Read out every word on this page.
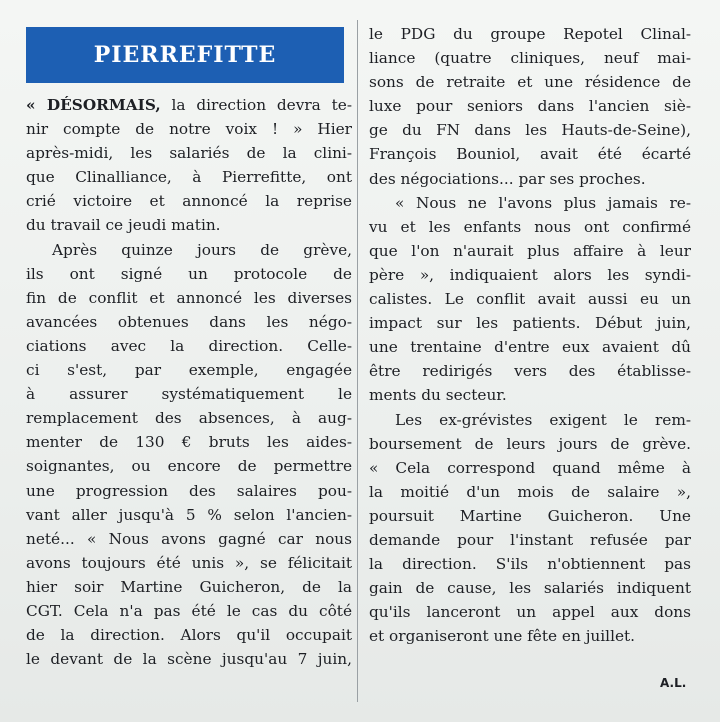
PIERREFITTE
« DÉSORMAIS, la direction devra te-
nir compte de notre voix ! » Hier
après-midi, les salariés de la clini-
que Clinalliance, à Pierrefitte, ont
crié victoire et annoncé la reprise
du travail ce jeudi matin.
Après quinze jours de grève,
ils ont signé un protocole de
fin de conflit et annoncé les diverses
avancées obtenues dans les négo-
ciations avec la direction. Celle-
ci s'est, par exemple, engagée
à assurer systématiquement le
remplacement des absences, à aug-
menter de 130 € bruts les aides-
soignantes, ou encore de permettre
une progression des salaires pou-
vant aller jusqu'à 5 % selon l'ancien-
neté... « Nous avons gagné car nous
avons toujours été unis », se félicitait
hier soir Martine Guicheron, de la
CGT. Cela n'a pas été le cas du côté
de la direction. Alors qu'il occupait
le devant de la scène jusqu'au 7 juin,
le PDG du groupe Repotel Clinal-
liance (quatre cliniques, neuf mai-
sons de retraite et une résidence de
luxe pour seniors dans l'ancien siè-
ge du FN dans les Hauts-de-Seine),
François Bouniol, avait été écarté
des négociations... par ses proches.
« Nous ne l'avons plus jamais re-
vu et les enfants nous ont confirmé
que l'on n'aurait plus affaire à leur
père », indiquaient alors les syndi-
calistes. Le conflit avait aussi eu un
impact sur les patients. Début juin,
une trentaine d'entre eux avaient dû
être redirigés vers des établisse-
ments du secteur.
Les ex-grévistes exigent le rem-
boursement de leurs jours de grève.
« Cela correspond quand même à
la moitié d'un mois de salaire »,
poursuit Martine Guicheron. Une
demande pour l'instant refusée par
la direction. S'ils n'obtiennent pas
gain de cause, les salariés indiquent
qu'ils lanceront un appel aux dons
et organiseront une fête en juillet.
A.L.
